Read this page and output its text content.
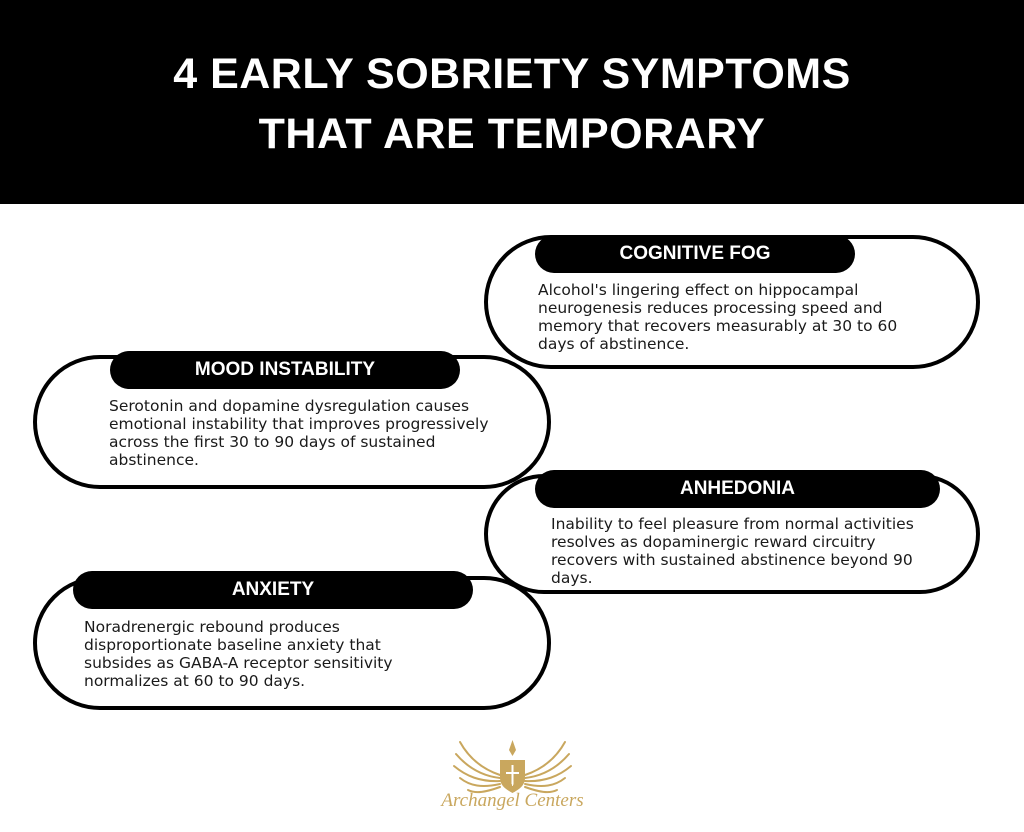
4 EARLY SOBRIETY SYMPTOMS
THAT ARE TEMPORARY
COGNITIVE FOG
Alcohol's lingering effect on hippocampal neurogenesis reduces processing speed and memory that recovers measurably at 30 to 60 days of abstinence.
MOOD INSTABILITY
Serotonin and dopamine dysregulation causes emotional instability that improves progressively across the first 30 to 90 days of sustained abstinence.
ANHEDONIA
Inability to feel pleasure from normal activities resolves as dopaminergic reward circuitry recovers with sustained abstinence beyond 90 days.
ANXIETY
Noradrenergic rebound produces disproportionate baseline anxiety that subsides as GABA-A receptor sensitivity normalizes at 60 to 90 days.
The
Archangel Centers
